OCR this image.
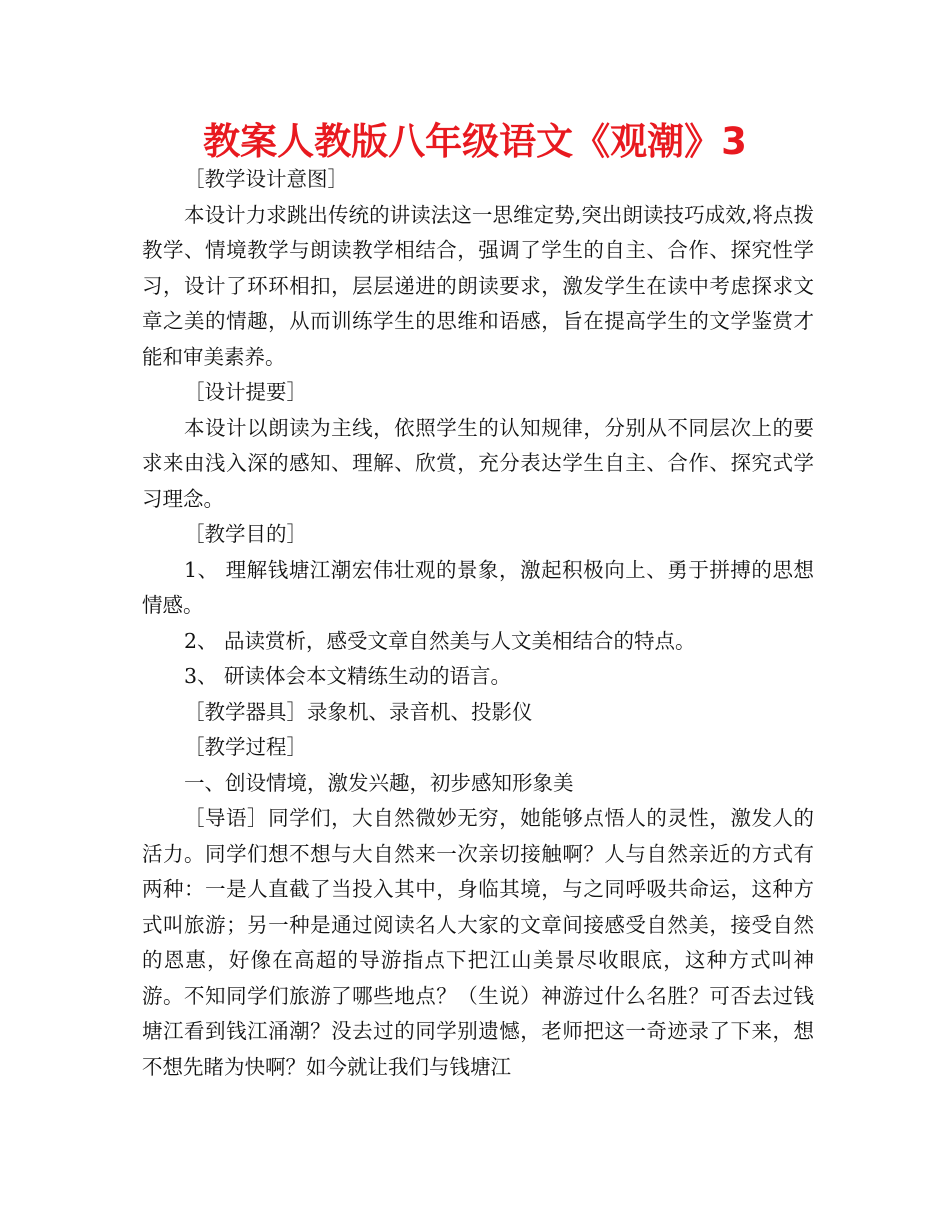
教案人教版八年级语文《观潮》3

［教学设计意图］

本设计力求跳出传统的讲读法这一思维定势,突出朗读技巧成效,将点拨教学、情境教学与朗读教学相结合，强调了学生的自主、合作、探究性学习，设计了环环相扣，层层递进的朗读要求，激发学生在读中考虑探求文章之美的情趣，从而训练学生的思维和语感，旨在提高学生的文学鉴赏才能和审美素养。

［设计提要］

本设计以朗读为主线，依照学生的认知规律，分别从不同层次上的要求来由浅入深的感知、理解、欣赏，充分表达学生自主、合作、探究式学习理念。

［教学目的］

1、 理解钱塘江潮宏伟壮观的景象，激起积极向上、勇于拼搏的思想情感。

2、 品读赏析，感受文章自然美与人文美相结合的特点。

3、 研读体会本文精练生动的语言。

［教学器具］录象机、录音机、投影仪

［教学过程］

一、创设情境，激发兴趣，初步感知形象美

［导语］同学们，大自然微妙无穷，她能够点悟人的灵性，激发人的活力。同学们想不想与大自然来一次亲切接触啊？人与自然亲近的方式有两种：一是人直截了当投入其中，身临其境，与之同呼吸共命运，这种方式叫旅游；另一种是通过阅读名人大家的文章间接感受自然美，接受自然的恩惠，好像在高超的导游指点下把江山美景尽收眼底，这种方式叫神游。不知同学们旅游了哪些地点？（生说）神游过什么名胜？可否去过钱塘江看到钱江涌潮？没去过的同学别遗憾，老师把这一奇迹录了下来，想不想先睹为快啊？如今就让我们与钱塘江
